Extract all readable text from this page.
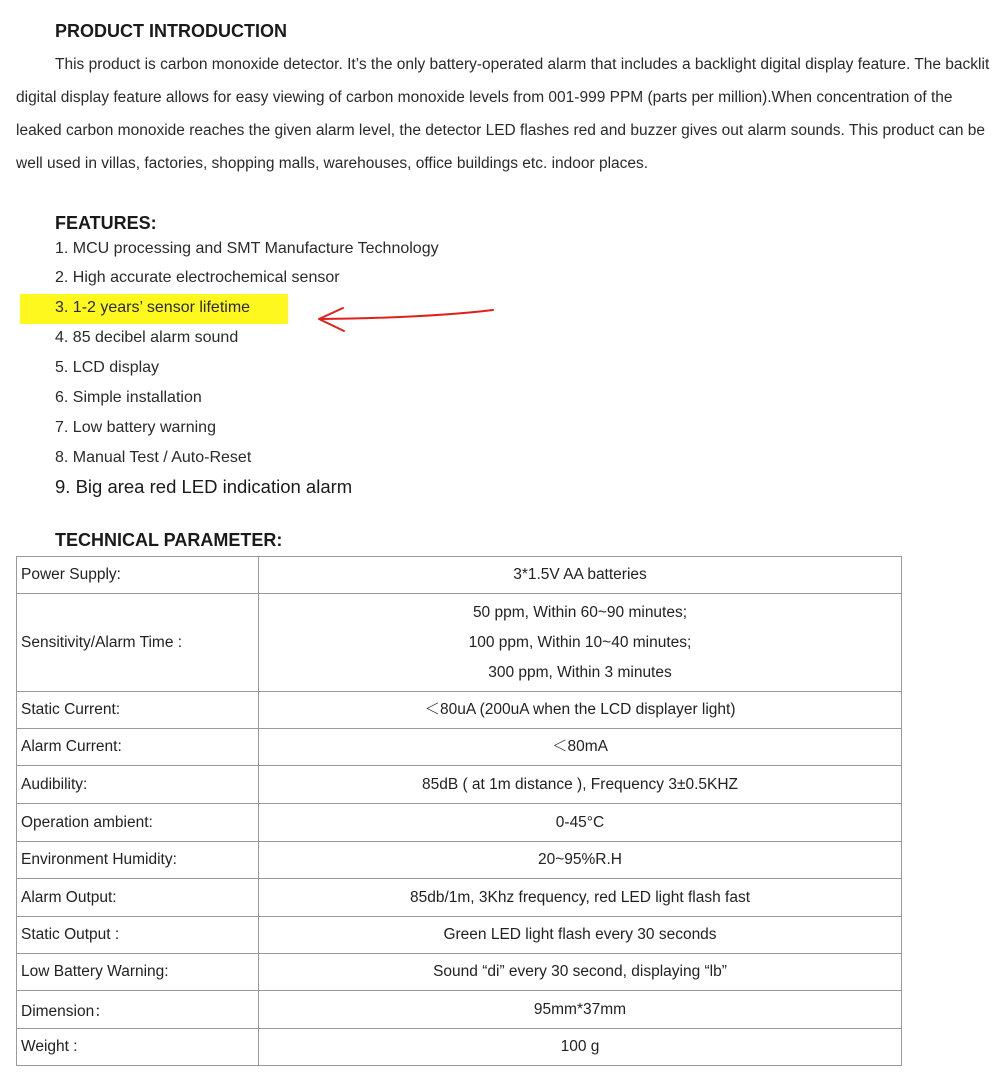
PRODUCT INTRODUCTION

This product is carbon monoxide detector. It’s the only battery-operated alarm that includes a backlight digital display feature. The backlit digital display feature allows for easy viewing of carbon monoxide levels from 001-999 PPM (parts per million).When concentration of the leaked carbon monoxide reaches the given alarm level, the detector LED flashes red and buzzer gives out alarm sounds. This product can be well used in villas, factories, shopping malls, warehouses, office buildings etc. indoor places.

FEATURES:
1. MCU processing and SMT Manufacture Technology
2. High accurate electrochemical sensor
3. 1-2 years’ sensor lifetime
4. 85 decibel alarm sound
5. LCD display
6. Simple installation
7. Low battery warning
8. Manual Test / Auto-Reset
9. Big area red LED indication alarm
TECHNICAL PARAMETER:
Power Supply:	3*1.5V AA batteries

Sensitivity/Alarm Time :	50 ppm, Within 60~90 minutes;
100 ppm, Within 10~40 minutes;
300 ppm, Within 3 minutes

Static Current:	＜80uA (200uA when the LCD displayer light)

Alarm Current:	＜80mA

Audibility:	85dB ( at 1m distance ), Frequency 3±0.5KHZ

Operation ambient:	0-45°C

Environment Humidity:	20~95%R.H

Alarm Output:	85db/1m, 3Khz frequency, red LED light flash fast

Static Output :	Green LED light flash every 30 seconds

Low Battery Warning:	Sound “di” every 30 second, displaying “lb”

Dimension：	95mm*37mm

Weight :	100 g
